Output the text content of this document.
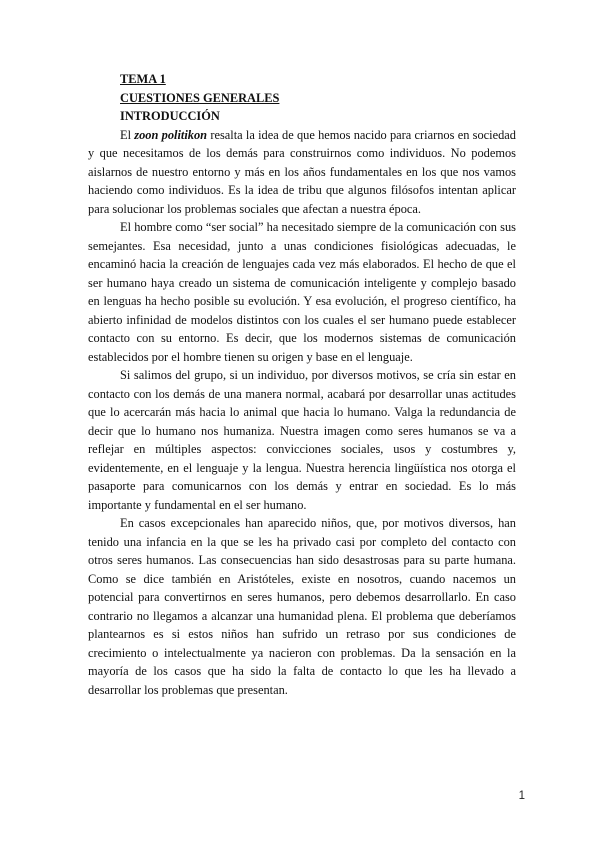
TEMA 1

CUESTIONES GENERALES

INTRODUCCIÓN

El zoon politikon resalta la idea de que hemos nacido para criarnos en sociedad y que necesitamos de los demás para construirnos como individuos. No podemos aislarnos de nuestro entorno y más en los años fundamentales en los que nos vamos haciendo como individuos. Es la idea de tribu que algunos filósofos intentan aplicar para solucionar los problemas sociales que afectan a nuestra época.

El hombre como “ser social” ha necesitado siempre de la comunicación con sus semejantes. Esa necesidad, junto a unas condiciones fisiológicas adecuadas, le encaminó hacia la creación de lenguajes cada vez más elaborados. El hecho de que el ser humano haya creado un sistema de comunicación inteligente y complejo basado en lenguas ha hecho posible su evolución. Y esa evolución, el progreso científico, ha abierto infinidad de modelos distintos con los cuales el ser humano puede establecer contacto con su entorno. Es decir, que los modernos sistemas de comunicación establecidos por el hombre tienen su origen y base en el lenguaje.

Si salimos del grupo, si un individuo, por diversos motivos, se cría sin estar en contacto con los demás de una manera normal, acabará por desarrollar unas actitudes que lo acercarán más hacia lo animal que hacia lo humano. Valga la redundancia de decir que lo humano nos humaniza. Nuestra imagen como seres humanos se va a reflejar en múltiples aspectos: convicciones sociales, usos y costumbres y, evidentemente, en el lenguaje y la lengua. Nuestra herencia lingüística nos otorga el pasaporte para comunicarnos con los demás y entrar en sociedad. Es lo más importante y fundamental en el ser humano.

En casos excepcionales han aparecido niños, que, por motivos diversos, han tenido una infancia en la que se les ha privado casi por completo del contacto con otros seres humanos. Las consecuencias han sido desastrosas para su parte humana. Como se dice también en Aristóteles, existe en nosotros, cuando nacemos un potencial para convertirnos en seres humanos, pero debemos desarrollarlo. En caso contrario no llegamos a alcanzar una humanidad plena. El problema que deberíamos plantearnos es si estos niños han sufrido un retraso por sus condiciones de crecimiento o intelectualmente ya nacieron con problemas. Da la sensación en la mayoría de los casos que ha sido la falta de contacto lo que les ha llevado a desarrollar los problemas que presentan.

1
